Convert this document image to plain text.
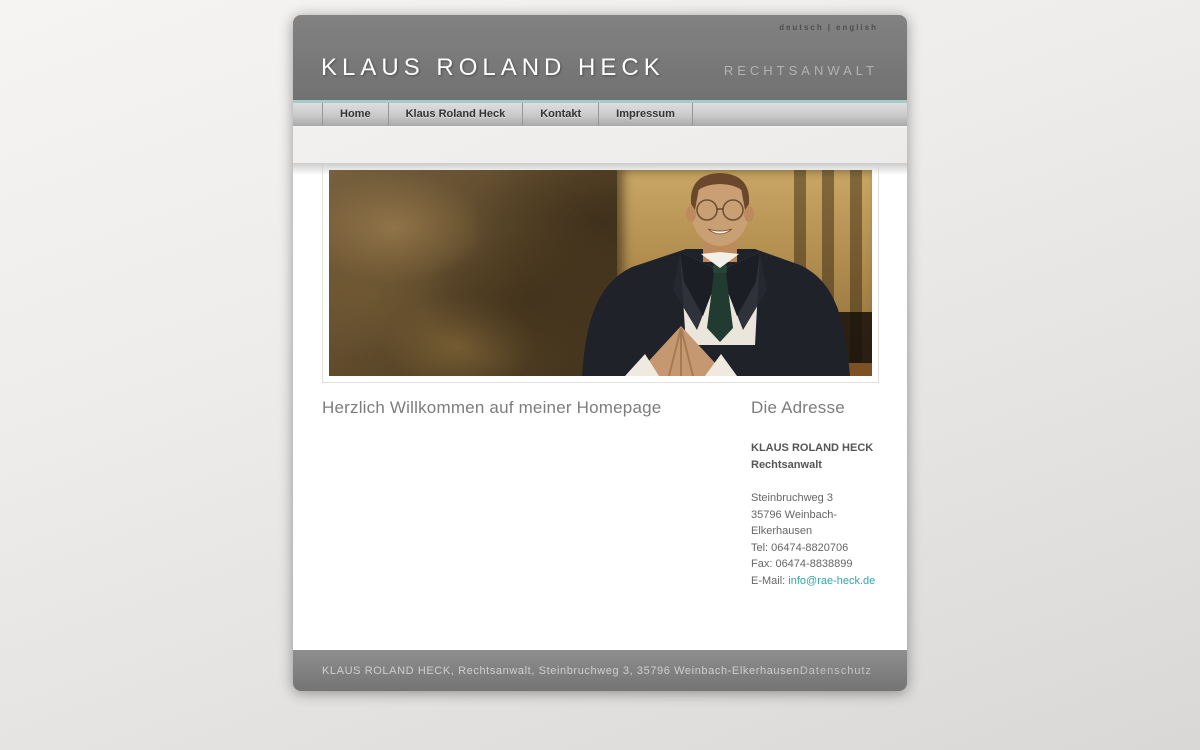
deutsch | english
KLAUS ROLAND HECK	RECHTSANWALT
Home	Klaus Roland Heck	Kontakt	Impressum
Herzlich Willkommen auf meiner Homepage	Die Adresse
KLAUS ROLAND HECK
Rechtsanwalt
Steinbruchweg 3
35796 Weinbach-Elkerhausen
Tel: 06474-8820706
Fax: 06474-8838899
E-Mail: info@rae-heck.de
KLAUS ROLAND HECK, Rechtsanwalt, Steinbruchweg 3, 35796 Weinbach-Elkerhausen Datenschutz
